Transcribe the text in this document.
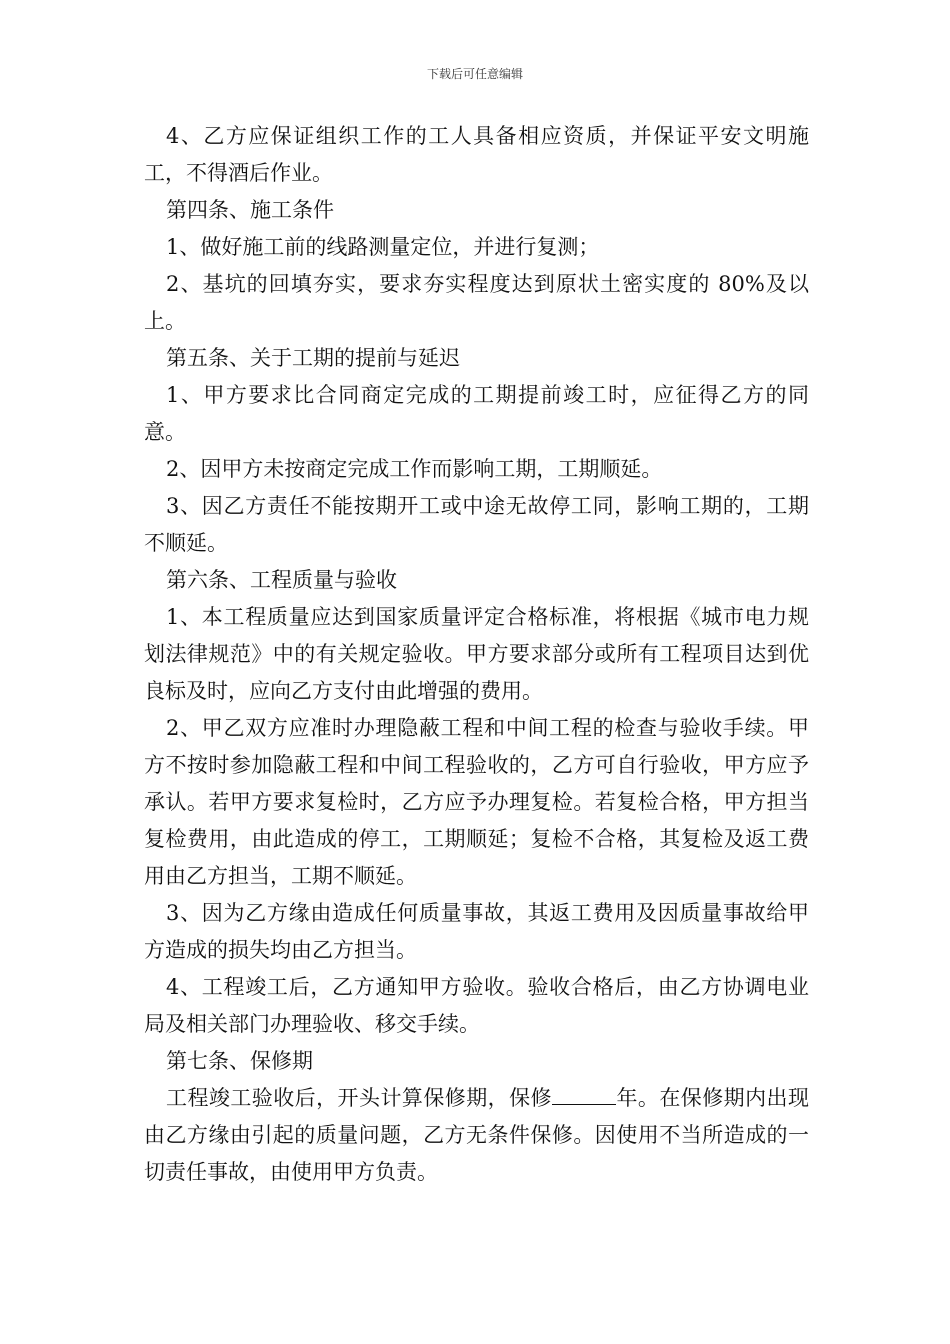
下载后可任意编辑

4、乙方应保证组织工作的工人具备相应资质，并保证平安文明施工，不得酒后作业。

第四条、施工条件

1、做好施工前的线路测量定位，并进行复测；

2、基坑的回填夯实，要求夯实程度达到原状土密实度的 80%及以上。

第五条、关于工期的提前与延迟

1、甲方要求比合同商定完成的工期提前竣工时，应征得乙方的同意。

2、因甲方未按商定完成工作而影响工期，工期顺延。

3、因乙方责任不能按期开工或中途无故停工同，影响工期的，工期不顺延。

第六条、工程质量与验收

1、本工程质量应达到国家质量评定合格标准，将根据《城市电力规划法律规范》中的有关规定验收。甲方要求部分或所有工程项目达到优良标及时，应向乙方支付由此增强的费用。

2、甲乙双方应准时办理隐蔽工程和中间工程的检查与验收手续。甲方不按时参加隐蔽工程和中间工程验收的，乙方可自行验收，甲方应予承认。若甲方要求复检时，乙方应予办理复检。若复检合格，甲方担当复检费用，由此造成的停工，工期顺延；复检不合格，其复检及返工费用由乙方担当，工期不顺延。

3、因为乙方缘由造成任何质量事故，其返工费用及因质量事故给甲方造成的损失均由乙方担当。

4、工程竣工后，乙方通知甲方验收。验收合格后，由乙方协调电业局及相关部门办理验收、移交手续。

第七条、保修期

工程竣工验收后，开头计算保修期，保修	年。在保修期内出现由乙方缘由引起的质量问题，乙方无条件保修。因使用不当所造成的一切责任事故，由使用甲方负责。
